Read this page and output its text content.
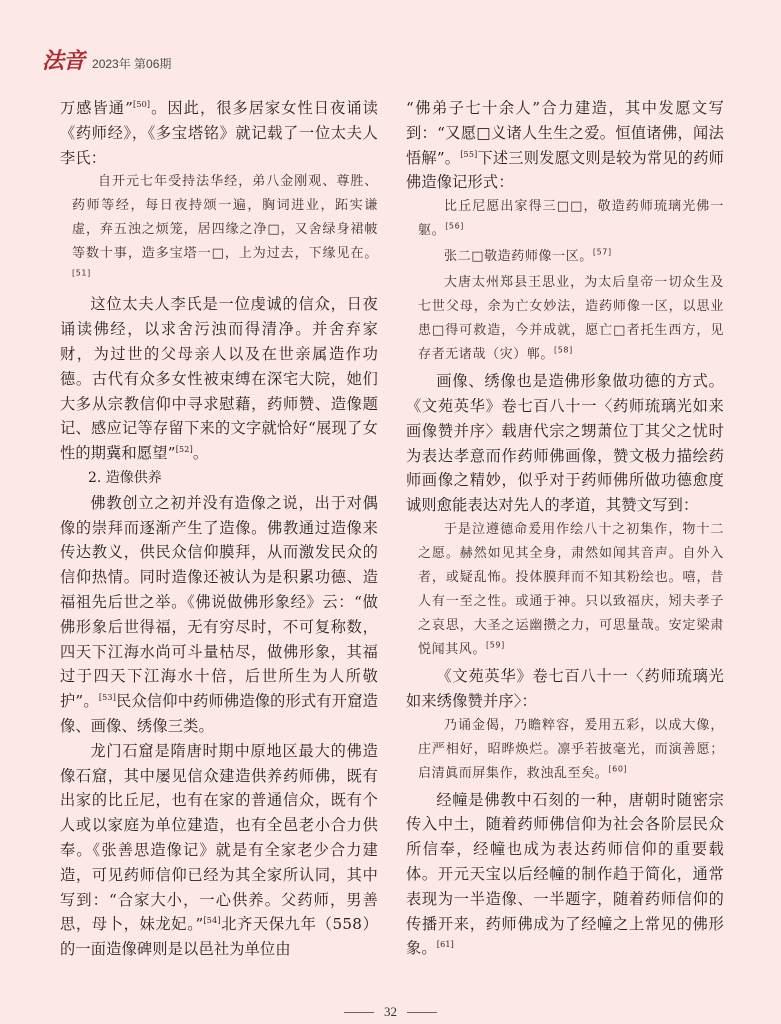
法音 2023年 第06期

万感皆通”[50]。因此，很多居家女性日夜诵读《药师经》，《多宝塔铭》就记载了一位太夫人李氏：

自开元七年受持法华经，弟八金刚观、尊胜、药师等经，每日夜持颂一遍，胸词进业，跖实谦虚，弃五浊之烦笼，居四缘之净□，又舍绿身裙帔等数十事，造多宝塔一□，上为过去，下缘见在。[51]

这位太夫人李氏是一位虔诚的信众，日夜诵读佛经，以求舍污浊而得清净。并舍弃家财，为过世的父母亲人以及在世亲属造作功德。古代有众多女性被束缚在深宅大院，她们大多从宗教信仰中寻求慰藉，药师赞、造像题记、感应记等存留下来的文字就恰好“展现了女性的期冀和愿望”[52]。

2. 造像供养

佛教创立之初并没有造像之说，出于对偶像的崇拜而逐渐产生了造像。佛教通过造像来传达教义，供民众信仰膜拜，从而激发民众的信仰热情。同时造像还被认为是积累功德、造福祖先后世之举。《佛说做佛形象经》云：“做佛形象后世得福，无有穷尽时，不可复称数，四天下江海水尚可斗量枯尽，做佛形象，其福过于四天下江海水十倍，后世所生为人所敬护”。[53]民众信仰中药师佛造像的形式有开窟造像、画像、绣像三类。

龙门石窟是隋唐时期中原地区最大的佛造像石窟，其中屡见信众建造供养药师佛，既有出家的比丘尼，也有在家的普通信众，既有个人或以家庭为单位建造，也有全邑老小合力供奉。《张善思造像记》就是有全家老少合力建造，可见药师信仰已经为其全家所认同，其中写到：“合家大小，一心供养。父药师，男善思，母卜，妹龙妃。”[54]北齐天保九年（558）的一面造像碑则是以邑社为单位由

“佛弟子七十余人”合力建造，其中发愿文写到：“又愿□义诸人生生之爱。恒值诸佛，闻法悟解”。[55]下述三则发愿文则是较为常见的药师佛造像记形式：

比丘尼愿出家得三□□，敬造药师琉璃光佛一躯。[56]

张二□敬造药师像一区。[57]

大唐太州郑县王思业，为太后皇帝一切众生及七世父母，余为亡女妙法，造药师像一区，以思业患□得可救造，今并成就，愿亡□者托生西方，见存者无诸哉（灾）郸。[58]

画像、绣像也是造佛形象做功德的方式。《文苑英华》卷七百八十一〈药师琉璃光如来画像赞并序〉载唐代宗之甥萧位丁其父之忧时为表达孝意而作药师佛画像，赞文极力描绘药师画像之精妙，似乎对于药师佛所做功德愈度诚则愈能表达对先人的孝道，其赞文写到：

于是泣遵德命爰用作绘八十之初集作，物十二之愿。赫然如见其全身，肃然如闻其音声。自外入者，或疑乱怖。投体膜拜而不知其粉绘也。嘻，昔人有一至之性。或通于神。只以致福庆，矧夫孝子之哀思，大圣之运幽攒之力，可思量哉。安定梁肃悦闻其风。[59]

《文苑英华》卷七百八十一〈药师琉璃光如来绣像赞并序〉：

乃诵金偈，乃瞻粹容，爰用五彩，以成大像，庄严相好，昭晔焕烂。凛乎若披毫光，而演善愿；启清眞而屏集作，救浊乱至矣。[60]

经幢是佛教中石刻的一种，唐朝时随密宗传入中土，随着药师佛信仰为社会各阶层民众所信奉，经幢也成为表达药师信仰的重要载体。开元天宝以后经幢的制作趋于简化，通常表现为一半造像、一半题字，随着药师信仰的传播开来，药师佛成为了经幢之上常见的佛形象。[61]

32
